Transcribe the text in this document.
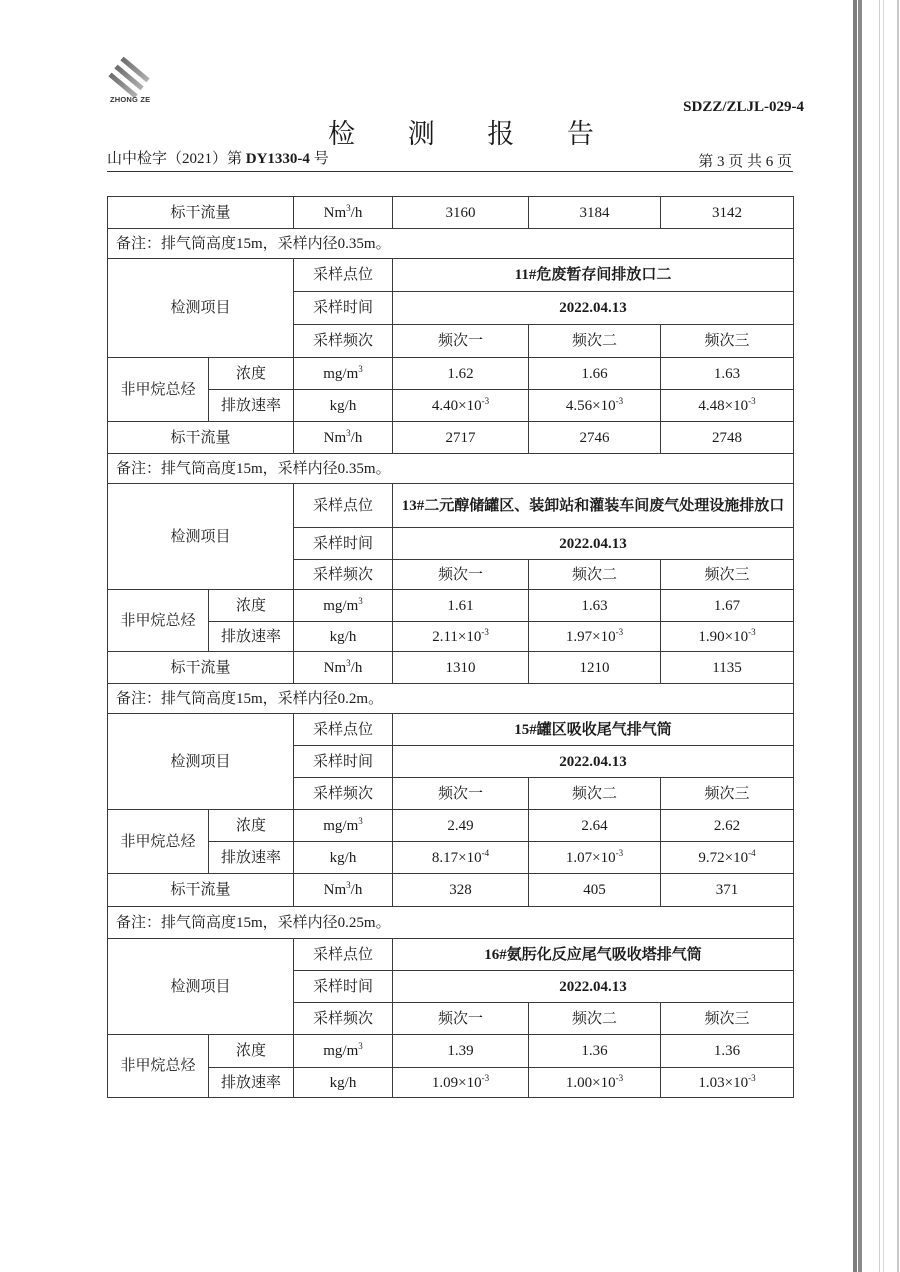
ZHONG ZE	SDZZ/ZLJL-029-4
检 测 报 告
山中检字（2021）第 DY1330-4 号	第 3 页 共 6 页
标干流量		Nm$^3$/h	3160	3184	3142
备注：排气筒高度15m，采样内径0.35m。					
检测项目		采样点位	11#危废暂存间排放口二		
		采样时间	2022.04.13		
		采样频次	频次一	频次二	频次三
非甲烷总烃	浓度	$mg/m^3$	1.62	1.66	1.63
	排放速率	kg/h	$4.40\times 10^{-3}$	$4.56\times 10^{-3}$	$4.48\times 10^{-3}$
标干流量		Nm$^3$/h	2717	2746	2748
备注：排气筒高度15m，采样内径0.35m。					
检测项目		采样点位	13#二元醇储罐区、装卸站和灌装车间废气处理设施排放口		
		采样时间	2022.04.13		
		采样频次	频次一	频次二	频次三
非甲烷总烃	浓度	$mg/m^3$	1.61	1.63	1.67
	排放速率	kg/h	$2.11\times 10^{-3}$	$1.97\times 10^{-3}$	$1.90\times 10^{-3}$
标干流量		Nm$^3$/h	1310	1210	1135
备注：排气筒高度15m，采样内径0.2m。					
检测项目		采样点位	15#罐区吸收尾气排气筒		
		采样时间	2022.04.13		
		采样频次	频次一	频次二	频次三
非甲烷总烃	浓度	$mg/m^3$	2.49	2.64	2.62
	排放速率	kg/h	$8.17\times 10^{-4}$	$1.07\times 10^{-3}$	$9.72\times 10^{-4}$
标干流量		Nm$^3$/h	328	405	371
备注：排气筒高度15m，采样内径0.25m。					
检测项目		采样点位	16#氨肟化反应尾气吸收塔排气筒		
		采样时间	2022.04.13		
		采样频次	频次一	频次二	频次三
非甲烷总烃	浓度	$mg/m^3$	1.39	1.36	1.36
	排放速率	kg/h	$1.09\times 10^{-3}$	$1.00\times 10^{-3}$	$1.03\times 10^{-3}$
